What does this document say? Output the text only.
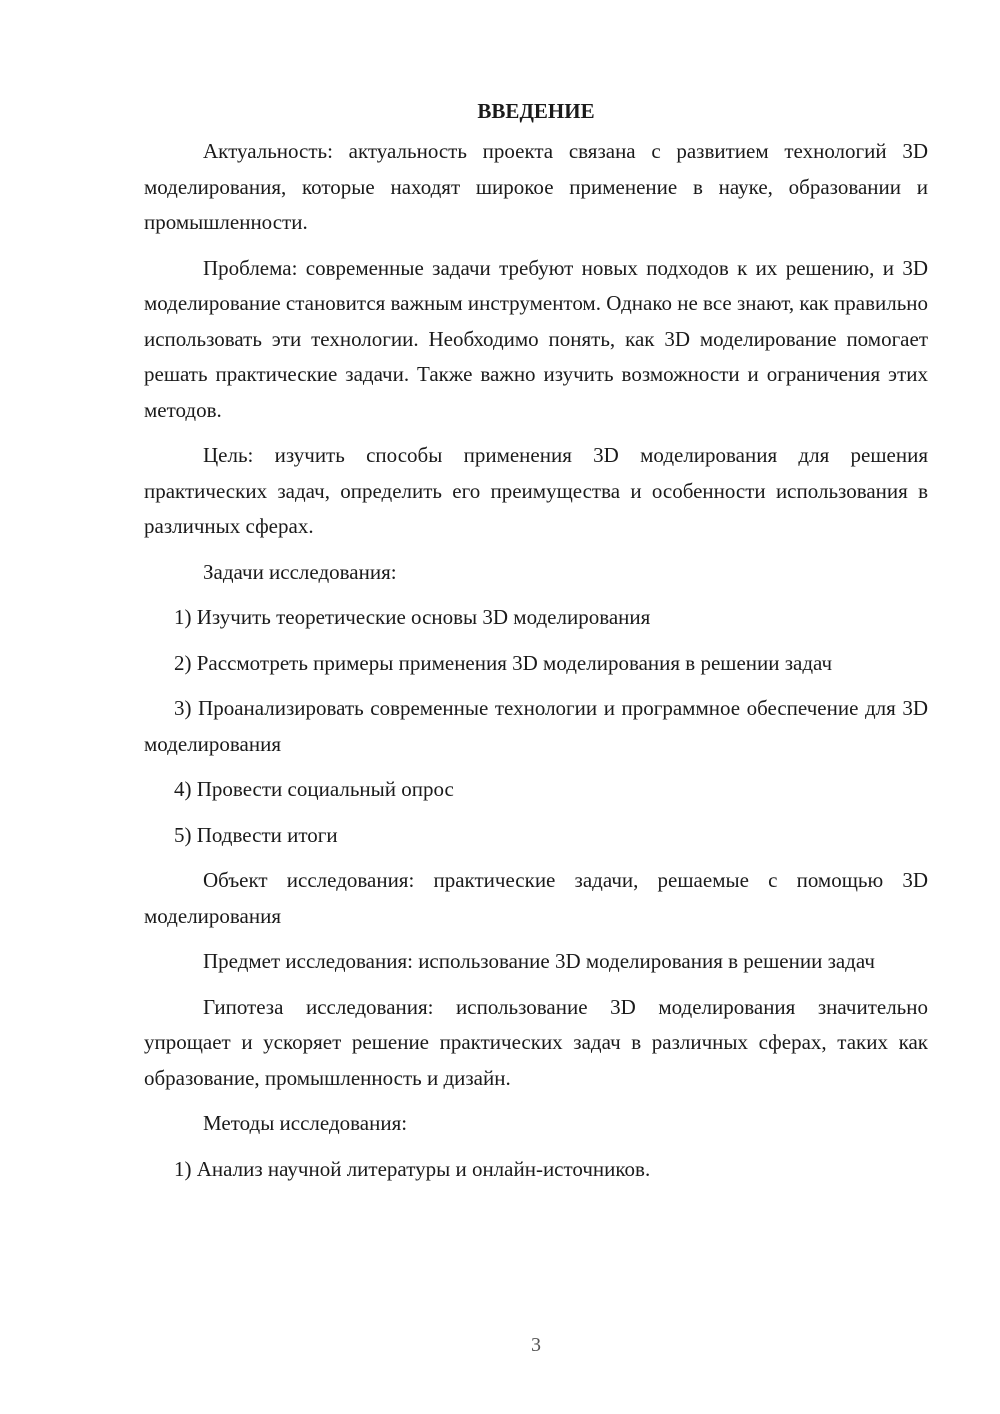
ВВЕДЕНИЕ

Актуальность: актуальность проекта связана с развитием технологий 3D моделирования, которые находят широкое применение в науке, образовании и промышленности.

Проблема: современные задачи требуют новых подходов к их решению, и 3D моделирование становится важным инструментом. Однако не все знают, как правильно использовать эти технологии. Необходимо понять, как 3D моделирование помогает решать практические задачи. Также важно изучить возможности и ограничения этих методов.

Цель: изучить способы применения 3D моделирования для решения практических задач, определить его преимущества и особенности использования в различных сферах.

Задачи исследования:

1) Изучить теоретические основы 3D моделирования

2) Рассмотреть примеры применения 3D моделирования в решении задач

3) Проанализировать современные технологии и программное обеспечение для 3D моделирования

4) Провести социальный опрос

5) Подвести итоги

Объект исследования: практические задачи, решаемые с помощью 3D моделирования

Предмет исследования: использование 3D моделирования в решении задач

Гипотеза исследования: использование 3D моделирования значительно упрощает и ускоряет решение практических задач в различных сферах, таких как образование, промышленность и дизайн.

Методы исследования:

1) Анализ научной литературы и онлайн-источников.

3
